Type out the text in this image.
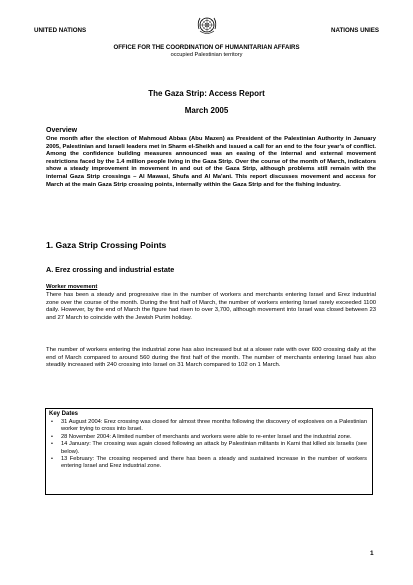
UNITED NATIONS	NATIONS UNIES
OFFICE FOR THE COORDINATION OF HUMANITARIAN AFFAIRS
occupied Palestinian territory
The Gaza Strip: Access Report
March 2005
Overview
One month after the election of Mahmoud Abbas (Abu Mazen) as President of the Palestinian Authority in January 2005, Palestinian and Israeli leaders met in Sharm el-Sheikh and issued a call for an end to the four year's of conflict. Among the confidence building measures announced was an easing of the internal and external movement restrictions faced by the 1.4 million people living in the Gaza Strip. Over the course of the month of March, indicators show a steady improvement in movement in and out of the Gaza Strip, although problems still remain with the internal Gaza Strip crossings – Al Mawasi, Shufa and Al Ma'ani. This report discusses movement and access for March at the main Gaza Strip crossing points, internally within the Gaza Strip and for the fishing industry.
1. Gaza Strip Crossing Points
A. Erez crossing and industrial estate
Worker movement
There has been a steady and progressive rise in the number of workers and merchants entering Israel and Erez industrial zone over the course of the month. During the first half of March, the number of workers entering Israel rarely exceeded 1100 daily. However, by the end of March the figure had risen to over 3,700, although movement into Israel was closed between 23 and 27 March to coincide with the Jewish Purim holiday.
The number of workers entering the industrial zone has also increased but at a slower rate with over 600 crossing daily at the end of March compared to around 560 during the first half of the month. The number of merchants entering Israel has also steadily increased with 240 crossing into Israel on 31 March compared to 102 on 1 March.
Key Dates
• 31 August 2004: Erez crossing was closed for almost three months following the discovery of explosives on a Palestinian worker trying to cross into Israel.
• 28 November 2004: A limited number of merchants and workers were able to re-enter Israel and the industrial zone.
• 14 January: The crossing was again closed following an attack by Palestinian militants in Karni that killed six Israelis (see below).
• 13 February: The crossing reopened and there has been a steady and sustained increase in the number of workers entering Israel and Erez industrial zone.
1
